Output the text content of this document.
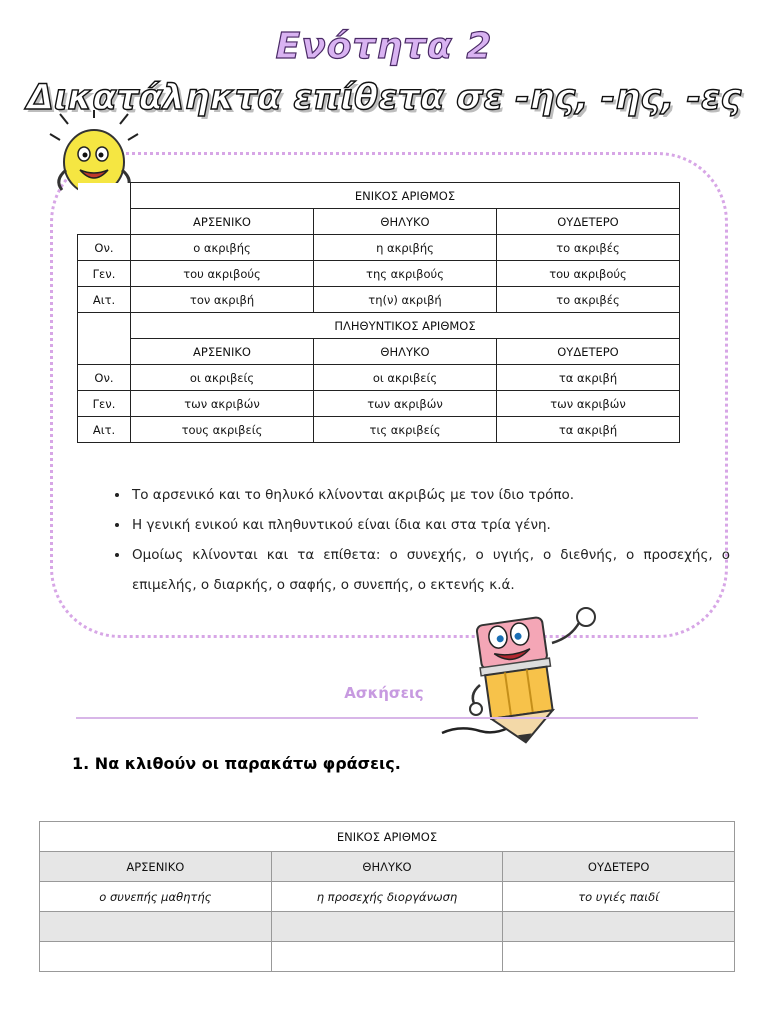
Ενότητα 2
Δικατάληκτα επίθετα σε -ης, -ης, -ες
	ΕΝΙΚΟΣ ΑΡΙΘΜΟΣ		
	ΑΡΣΕΝΙΚΟ	ΘΗΛΥΚΟ	ΟΥΔΕΤΕΡΟ
Ον.	ο ακριβής	η ακριβής	το ακριβές
Γεν.	του ακριβούς	της ακριβούς	του ακριβούς
Αιτ.	τον ακριβή	τη(ν) ακριβή	το ακριβές
	ΠΛΗΘΥΝΤΙΚΟΣ ΑΡΙΘΜΟΣ		
	ΑΡΣΕΝΙΚΟ	ΘΗΛΥΚΟ	ΟΥΔΕΤΕΡΟ
Ον.	οι ακριβείς	οι ακριβείς	τα ακριβή
Γεν.	των ακριβών	των ακριβών	των ακριβών
Αιτ.	τους ακριβείς	τις ακριβείς	τα ακριβή
• Το αρσενικό και το θηλυκό κλίνονται ακριβώς με τον ίδιο τρόπο.
• Η γενική ενικού και πληθυντικού είναι ίδια και στα τρία γένη.
• Ομοίως κλίνονται και τα επίθετα: ο συνεχής, ο υγιής, ο διεθνής, ο προσεχής, ο επιμελής, ο διαρκής, ο σαφής, ο συνεπής, ο εκτενής κ.ά.
Ασκήσεις
1. Να κλιθούν οι παρακάτω φράσεις.
ΕΝΙΚΟΣ ΑΡΙΘΜΟΣ		
ΑΡΣΕΝΙΚΟ	ΘΗΛΥΚΟ	ΟΥΔΕΤΕΡΟ
ο συνεπής μαθητής	η προσεχής διοργάνωση	το υγιές παιδί
